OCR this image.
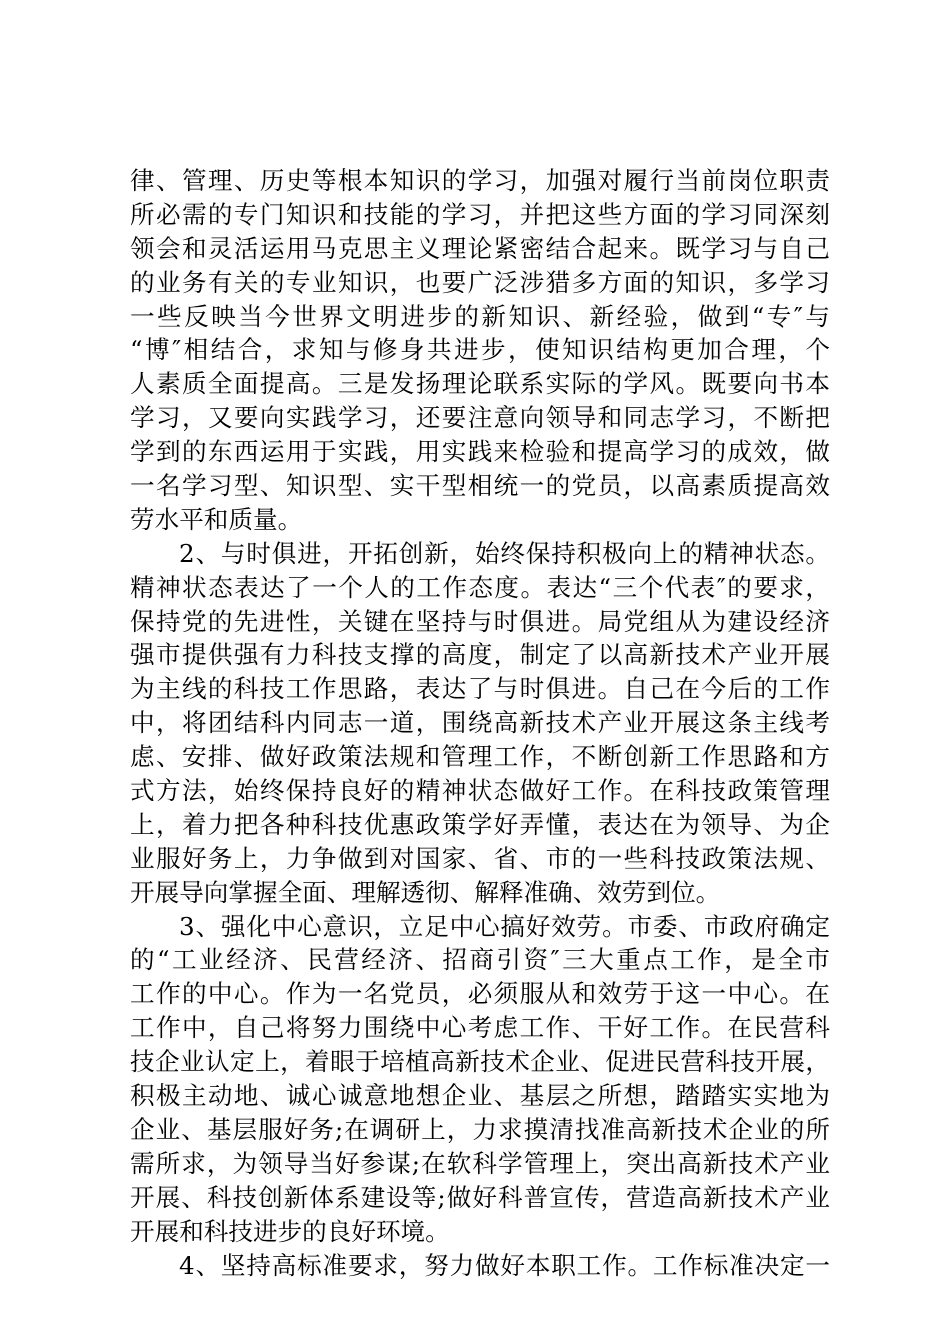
律、管理、历史等根本知识的学习，加强对履行当前岗位职责
所必需的专门知识和技能的学习，并把这些方面的学习同深刻
领会和灵活运用马克思主义理论紧密结合起来。既学习与自己
的业务有关的专业知识，也要广泛涉猎多方面的知识，多学习
一些反映当今世界文明进步的新知识、新经验，做到“专″与
“博″相结合，求知与修身共进步，使知识结构更加合理，个
人素质全面提高。三是发扬理论联系实际的学风。既要向书本
学习，又要向实践学习，还要注意向领导和同志学习，不断把
学到的东西运用于实践，用实践来检验和提高学习的成效，做
一名学习型、知识型、实干型相统一的党员，以高素质提高效
劳水平和质量。
2、与时俱进，开拓创新，始终保持积极向上的精神状态。
精神状态表达了一个人的工作态度。表达“三个代表″的要求，
保持党的先进性，关键在坚持与时俱进。局党组从为建设经济
强市提供强有力科技支撑的高度，制定了以高新技术产业开展
为主线的科技工作思路，表达了与时俱进。自己在今后的工作
中，将团结科内同志一道，围绕高新技术产业开展这条主线考
虑、安排、做好政策法规和管理工作，不断创新工作思路和方
式方法，始终保持良好的精神状态做好工作。在科技政策管理
上，着力把各种科技优惠政策学好弄懂，表达在为领导、为企
业服好务上，力争做到对国家、省、市的一些科技政策法规、
开展导向掌握全面、理解透彻、解释准确、效劳到位。
3、强化中心意识，立足中心搞好效劳。市委、市政府确定
的“工业经济、民营经济、招商引资″三大重点工作，是全市
工作的中心。作为一名党员，必须服从和效劳于这一中心。在
工作中，自己将努力围绕中心考虑工作、干好工作。在民营科
技企业认定上，着眼于培植高新技术企业、促进民营科技开展，
积极主动地、诚心诚意地想企业、基层之所想，踏踏实实地为
企业、基层服好务;在调研上，力求摸清找准高新技术企业的所
需所求，为领导当好参谋;在软科学管理上，突出高新技术产业
开展、科技创新体系建设等;做好科普宣传，营造高新技术产业
开展和科技进步的良好环境。
4、坚持高标准要求，努力做好本职工作。工作标准决定一
